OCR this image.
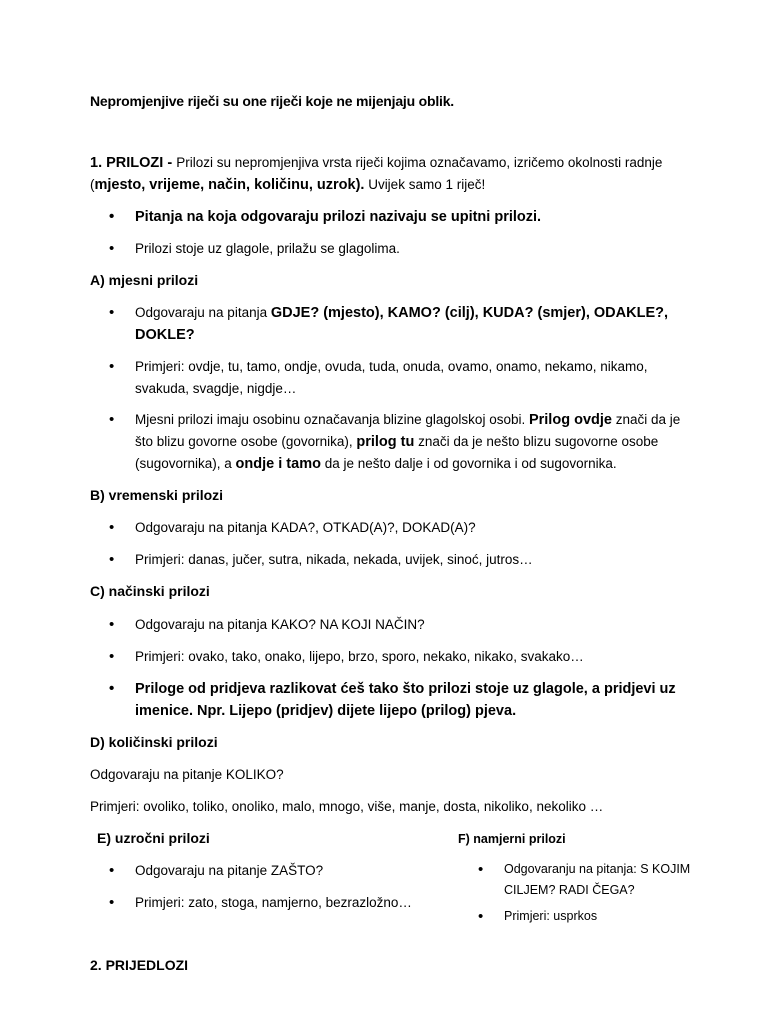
Nepromjenjive riječi su one riječi koje ne mijenjaju oblik.
1. PRILOZI - Prilozi su nepromjenjiva vrsta riječi kojima označavamo, izričemo okolnosti radnje (mjesto, vrijeme, način, količinu, uzrok). Uvijek samo 1 riječ!
• Pitanja na koja odgovaraju prilozi nazivaju se upitni prilozi.
• Prilozi stoje uz glagole, prilažu se glagolima.
A) mjesni prilozi
• Odgovaraju na pitanja GDJE? (mjesto), KAMO? (cilj), KUDA? (smjer), ODAKLE?, DOKLE?
• Primjeri: ovdje, tu, tamo, ondje, ovuda, tuda, onuda, ovamo, onamo, nekamo, nikamo, svakuda, svagdje, nigdje…
• Mjesni prilozi imaju osobinu označavanja blizine glagolskoj osobi. Prilog ovdje znači da je što blizu govorne osobe (govornika), prilog tu znači da je nešto blizu sugovorne osobe (sugovornika), a ondje i tamo da je nešto dalje i od govornika i od sugovornika.
B) vremenski prilozi
• Odgovaraju na pitanja KADA?, OTKAD(A)?, DOKAD(A)?
• Primjeri: danas, jučer, sutra, nikada, nekada, uvijek, sinoć, jutros…
C) načinski prilozi
• Odgovaraju na pitanja KAKO? NA KOJI NAČIN?
• Primjeri: ovako, tako, onako, lijepo, brzo, sporo, nekako, nikako, svakako…
• Priloge od pridjeva razlikovat ćeš tako što prilozi stoje uz glagole, a pridjevi uz imenice. Npr. Lijepo (pridjev) dijete lijepo (prilog) pjeva.
D) količinski prilozi
Odgovaraju na pitanje KOLIKO?
Primjeri: ovoliko, toliko, onoliko, malo, mnogo, više, manje, dosta, nikoliko, nekoliko …
E) uzročni prilozi
• Odgovaraju na pitanje ZAŠTO?
• Primjeri: zato, stoga, namjerno, bezrazložno…
F) namjerni prilozi
• Odgovaranju na pitanja: S KOJIM CILJEM? RADI ČEGA?
• Primjeri: usprkos
2. PRIJEDLOZI
